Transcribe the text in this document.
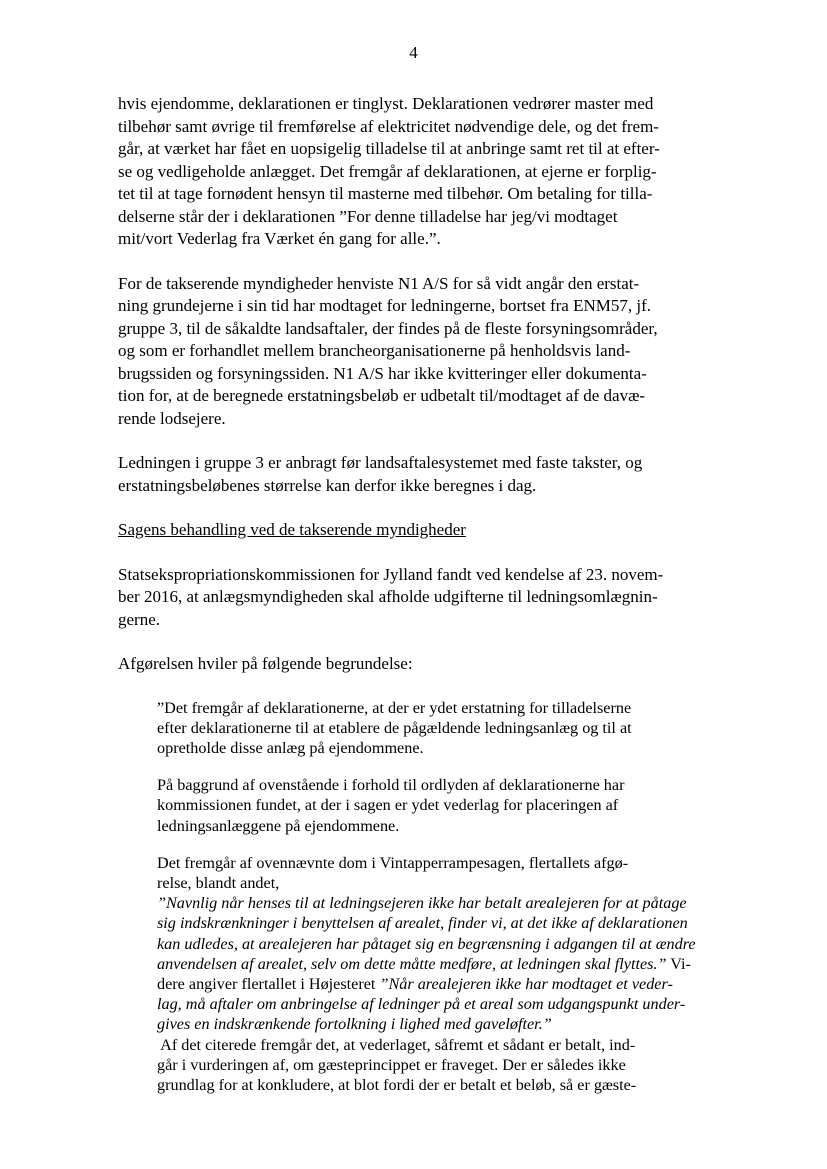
4

hvis ejendomme, deklarationen er tinglyst. Deklarationen vedrører master med
tilbehør samt øvrige til fremførelse af elektricitet nødvendige dele, og det frem-
går, at værket har fået en uopsigelig tilladelse til at anbringe samt ret til at efter-
se og vedligeholde anlægget. Det fremgår af deklarationen, at ejerne er forplig-
tet til at tage fornødent hensyn til masterne med tilbehør. Om betaling for tilla-
delserne står der i deklarationen ”For denne tilladelse har jeg/vi modtaget
mit/vort Vederlag fra Værket én gang for alle.”.

For de takserende myndigheder henviste N1 A/S for så vidt angår den erstat-
ning grundejerne i sin tid har modtaget for ledningerne, bortset fra ENM57, jf.
gruppe 3, til de såkaldte landsaftaler, der findes på de fleste forsyningsområder,
og som er forhandlet mellem brancheorganisationerne på henholdsvis land-
brugssiden og forsyningssiden. N1 A/S har ikke kvitteringer eller dokumenta-
tion for, at de beregnede erstatningsbeløb er udbetalt til/modtaget af de davæ-
rende lodsejere.

Ledningen i gruppe 3 er anbragt før landsaftalesystemet med faste takster, og
erstatningsbeløbenes størrelse kan derfor ikke beregnes i dag.

Sagens behandling ved de takserende myndigheder

Statsekspropriationskommissionen for Jylland fandt ved kendelse af 23. novem-
ber 2016, at anlægsmyndigheden skal afholde udgifterne til ledningsomlægnin-
gerne.

Afgørelsen hviler på følgende begrundelse:

”Det fremgår af deklarationerne, at der er ydet erstatning for tilladelserne
efter deklarationerne til at etablere de pågældende ledningsanlæg og til at
opretholde disse anlæg på ejendommene.

På baggrund af ovenstående i forhold til ordlyden af deklarationerne har
kommissionen fundet, at der i sagen er ydet vederlag for placeringen af
ledningsanlæggene på ejendommene.

Det fremgår af ovennævnte dom i Vintapperrampesagen, flertallets afgø-
relse, blandt andet,
”Navnlig når henses til at ledningsejeren ikke har betalt arealejeren for at påtage
sig indskrænkninger i benyttelsen af arealet, finder vi, at det ikke af deklarationen
kan udledes, at arealejeren har påtaget sig en begrænsning i adgangen til at ændre
anvendelsen af arealet, selv om dette måtte medføre, at ledningen skal flyttes.” Vi-
dere angiver flertallet i Højesteret ”Når arealejeren ikke har modtaget et veder-
lag, må aftaler om anbringelse af ledninger på et areal som udgangspunkt under-
gives en indskrænkende fortolkning i lighed med gaveløfter.”
Af det citerede fremgår det, at vederlaget, såfremt et sådant er betalt, ind-
går i vurderingen af, om gæsteprincippet er fraveget. Der er således ikke
grundlag for at konkludere, at blot fordi der er betalt et beløb, så er gæste-
